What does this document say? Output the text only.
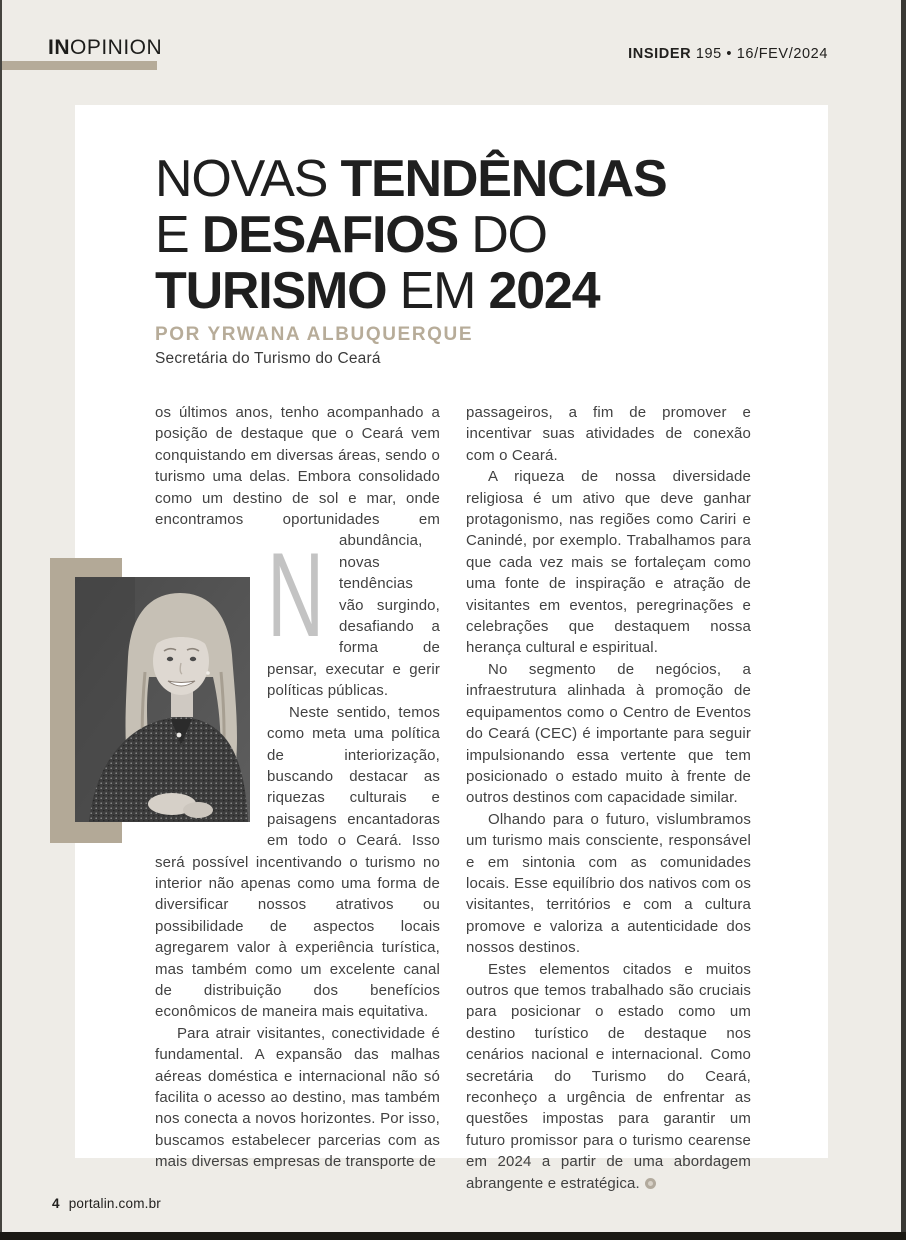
INOPINION	INSIDER 195 • 16/FEV/2024
NOVAS TENDÊNCIAS
E DESAFIOS DO
TURISMO EM 2024
POR YRWANA ALBUQUERQUE
Secretária do Turismo do Ceará

N
os últimos anos, tenho acompanhado a posição de destaque que o Ceará vem conquistando em diversas áreas, sendo o turismo uma delas. Embora consolidado como um destino de sol e mar, onde encontramos oportunidades em abundância, novas tendências vão surgindo, desafiando a forma de pensar, executar e gerir políticas públicas.

Neste sentido, temos como meta uma política de interiorização, buscando destacar as riquezas culturais e paisagens encantadoras em todo o Ceará. Isso será possível incentivando o turismo no interior não apenas como uma forma de diversificar nossos atrativos ou possibilidade de aspectos locais agregarem valor à experiência turística, mas também como um excelente canal de distribuição dos benefícios econômicos de maneira mais equitativa.

Para atrair visitantes, conectividade é fundamental. A expansão das malhas aéreas doméstica e internacional não só facilita o acesso ao destino, mas também nos conecta a novos horizontes. Por isso, buscamos estabelecer parcerias com as mais diversas empresas de transporte de

passageiros, a fim de promover e incentivar suas atividades de conexão com o Ceará.

A riqueza de nossa diversidade religiosa é um ativo que deve ganhar protagonismo, nas regiões como Cariri e Canindé, por exemplo. Trabalhamos para que cada vez mais se fortaleçam como uma fonte de inspiração e atração de visitantes em eventos, peregrinações e celebrações que destaquem nossa herança cultural e espiritual.

No segmento de negócios, a infraestrutura alinhada à promoção de equipamentos como o Centro de Eventos do Ceará (CEC) é importante para seguir impulsionando essa vertente que tem posicionado o estado muito à frente de outros destinos com capacidade similar.

Olhando para o futuro, vislumbramos um turismo mais consciente, responsável e em sintonia com as comunidades locais. Esse equilíbrio dos nativos com os visitantes, territórios e com a cultura promove e valoriza a autenticidade dos nossos destinos.

Estes elementos citados e muitos outros que temos trabalhado são cruciais para posicionar o estado como um destino turístico de destaque nos cenários nacional e internacional. Como secretária do Turismo do Ceará, reconheço a urgência de enfrentar as questões impostas para garantir um futuro promissor para o turismo cearense em 2024 a partir de uma abordagem abrangente e estratégica.

4 portalin.com.br
